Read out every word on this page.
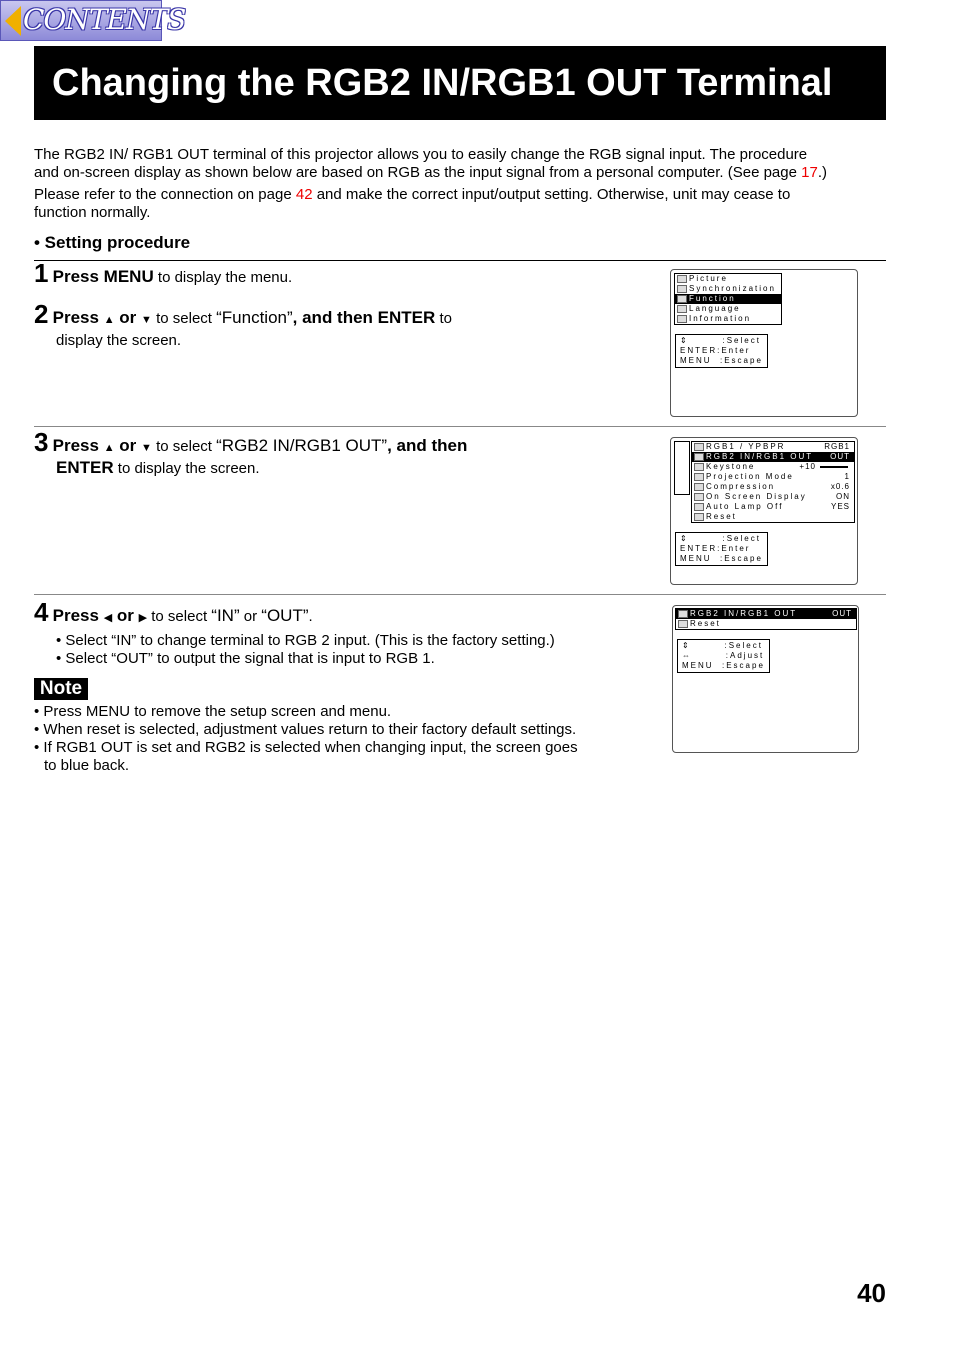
CONTENTS
Changing the RGB2 IN/RGB1 OUT Terminal
The RGB2 IN/ RGB1 OUT terminal of this projector allows you to easily change the RGB signal input. The procedure
and on-screen display as shown below are based on RGB as the input signal from a personal computer. (See page 17.)
Please refer to the connection on page 42 and make the correct input/output setting. Otherwise, unit may cease to
function normally.
• Setting procedure
1 Press MENU to display the menu.
2 Press ▲ or ▼ to select “Function”, and then ENTER to
display the screen.
Picture
Synchronization
Function
Language
Information
⇕        :Select
ENTER:Enter
MENU  :Escape
3 Press ▲ or ▼ to select “RGB2 IN/RGB1 OUT”, and then
ENTER to display the screen.
RGB1 / YPBPR	RGB1
RGB2 IN/RGB1 OUT OUT
Keystone	+10
Projection Mode	1
Compression	x0.6
On Screen Display	ON
Auto Lamp Off	YES
Reset
⇕        :Select
ENTER:Enter
MENU  :Escape
4 Press ◀ or ▶ to select “IN” or “OUT”.
• Select “IN” to change terminal to RGB 2 input. (This is the factory setting.)
• Select “OUT” to output the signal that is input to RGB 1.
RGB2 IN/RGB1 OUT	OUT
Reset
⇕        :Select
⇔        :Adjust
MENU  :Escape
Note
• Press MENU to remove the setup screen and menu.
• When reset is selected, adjustment values return to their factory default settings.
• If RGB1 OUT is set and RGB2 is selected when changing input, the screen goes
to blue back.
40
